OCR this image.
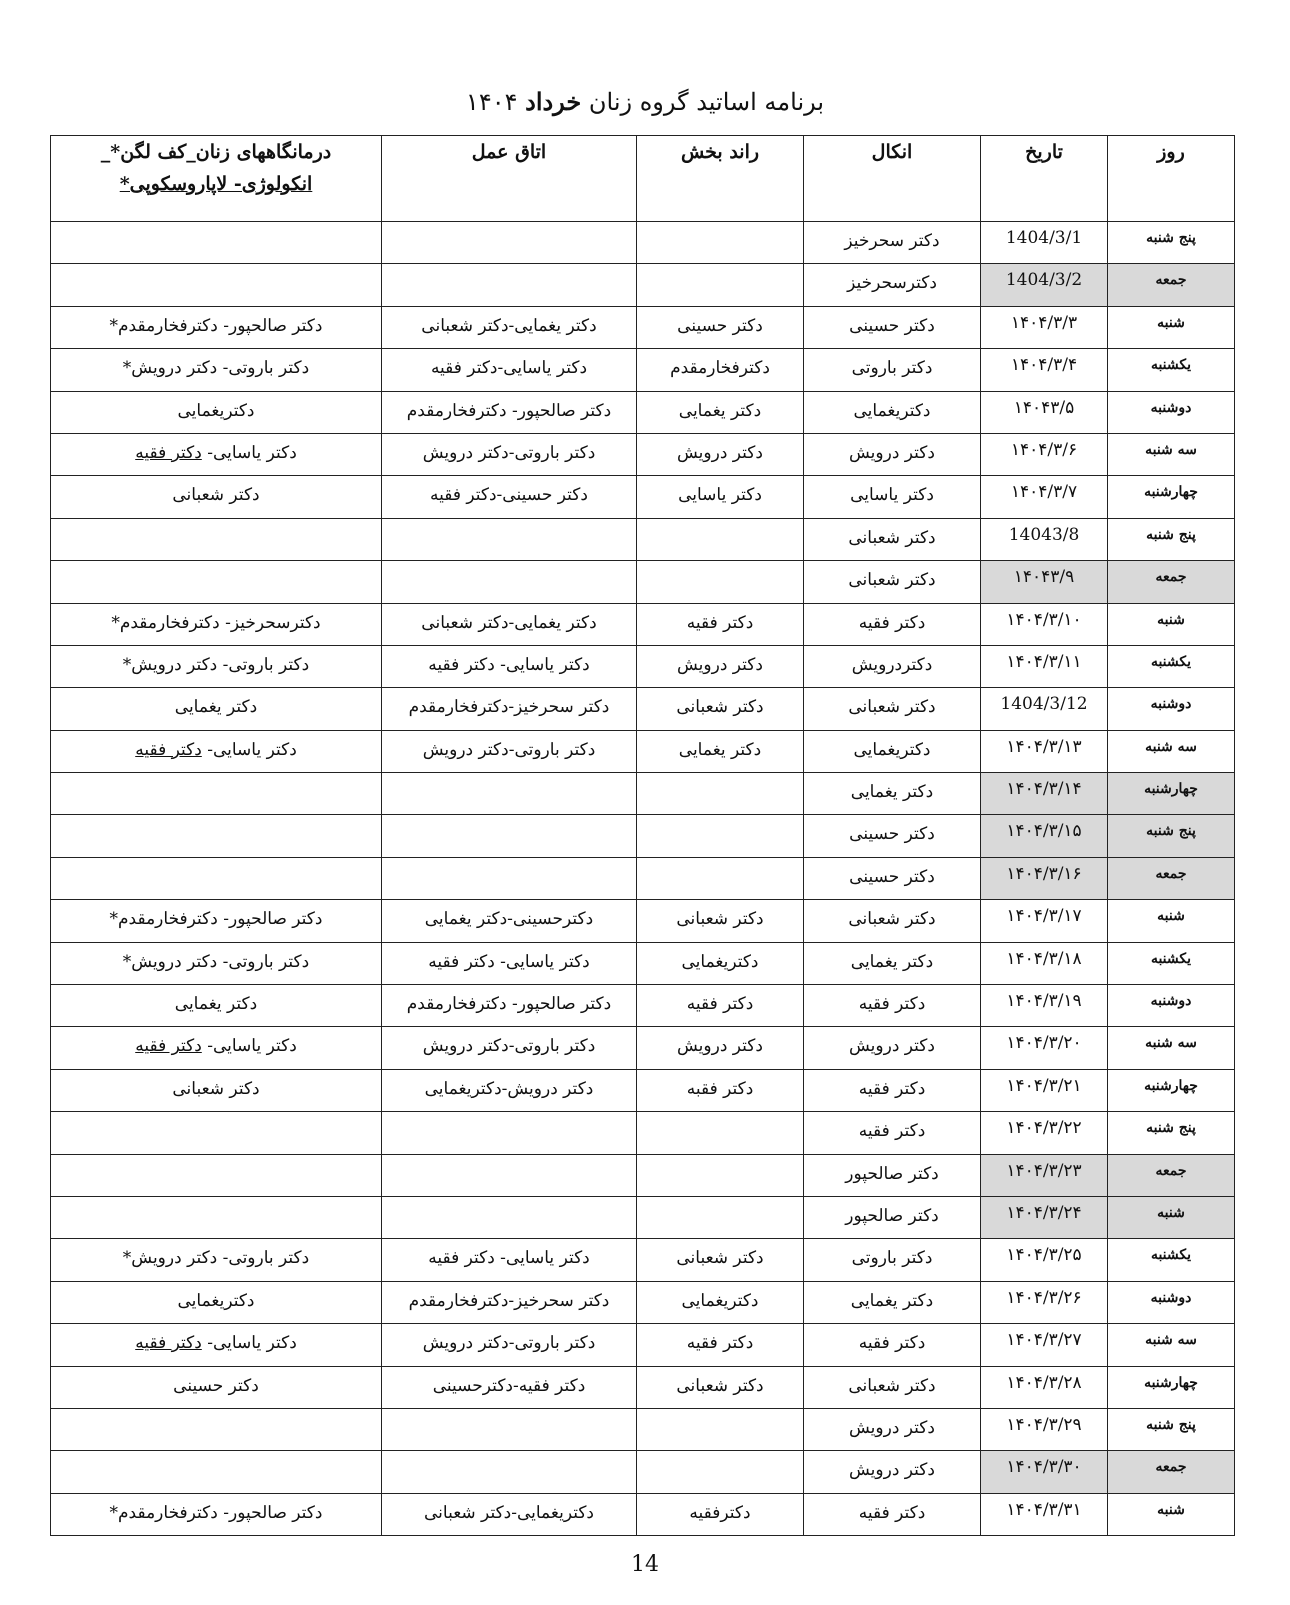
برنامه اساتید گروه زنان خرداد ۱۴۰۴
روز	تاریخ	انکال	راند بخش	اتاق عمل	درمانگاههای زنان_کف لگن*_
انکولوژی- لاپاروسکوپی*

پنج شنبه	1404/3/1	دکتر سحرخیز			
جمعه	1404/3/2	دکترسحرخیز			
شنبه	۱۴۰۴/۳/۳	دکتر حسینی	دکتر حسینی	دکتر یغمایی-دکتر شعبانی	دکتر صالحپور- دکترفخارمقدم*
یکشنبه	۱۴۰۴/۳/۴	دکتر باروتی	دکترفخارمقدم	دکتر یاسایی-دکتر فقیه	دکتر باروتی- دکتر درویش*
دوشنبه	۱۴۰۴۳/۵	دکتریغمایی	دکتر یغمایی	دکتر صالحپور- دکترفخارمقدم	دکتریغمایی
سه شنبه	۱۴۰۴/۳/۶	دکتر درویش	دکتر درویش	دکتر باروتی-دکتر درویش	دکتر یاسایی- دکتر فقیه
چهارشنبه	۱۴۰۴/۳/۷	دکتر یاسایی	دکتر یاسایی	دکتر حسینی-دکتر فقیه	دکتر شعبانی
پنج شنبه	14043/8	دکتر شعبانی			
جمعه	۱۴۰۴۳/۹	دکتر شعبانی			
شنبه	۱۴۰۴/۳/۱۰	دکتر فقیه	دکتر فقیه	دکتر یغمایی-دکتر شعبانی	دکترسحرخیز- دکترفخارمقدم*
یکشنبه	۱۴۰۴/۳/۱۱	دکتردرویش	دکتر درویش	دکتر یاسایی- دکتر فقیه	دکتر باروتی- دکتر درویش*
دوشنبه	1404/3/12	دکتر شعبانی	دکتر شعبانی	دکتر سحرخیز-دکترفخارمقدم	دکتر یغمایی
سه شنبه	۱۴۰۴/۳/۱۳	دکتریغمایی	دکتر یغمایی	دکتر باروتی-دکتر درویش	دکتر یاسایی- دکتر فقیه
چهارشنبه	۱۴۰۴/۳/۱۴	دکتر یغمایی			
پنج شنبه	۱۴۰۴/۳/۱۵	دکتر حسینی			
جمعه	۱۴۰۴/۳/۱۶	دکتر حسینی			
شنبه	۱۴۰۴/۳/۱۷	دکتر شعبانی	دکتر شعبانی	دکترحسینی-دکتر یغمایی	دکتر صالحپور- دکترفخارمقدم*
یکشنبه	۱۴۰۴/۳/۱۸	دکتر یغمایی	دکتریغمایی	دکتر یاسایی- دکتر فقیه	دکتر باروتی- دکتر درویش*
دوشنبه	۱۴۰۴/۳/۱۹	دکتر فقیه	دکتر فقیه	دکتر صالحپور- دکترفخارمقدم	دکتر یغمایی
سه شنبه	۱۴۰۴/۳/۲۰	دکتر درویش	دکتر درویش	دکتر باروتی-دکتر درویش	دکتر یاسایی- دکتر فقیه
چهارشنبه	۱۴۰۴/۳/۲۱	دکتر فقیه	دکتر فقبه	دکتر درویش-دکتریغمایی	دکتر شعبانی
پنج شنبه	۱۴۰۴/۳/۲۲	دکتر فقیه			
جمعه	۱۴۰۴/۳/۲۳	دکتر صالحپور			
شنبه	۱۴۰۴/۳/۲۴	دکتر صالحپور			
یکشنبه	۱۴۰۴/۳/۲۵	دکتر باروتی	دکتر شعبانی	دکتر یاسایی- دکتر فقیه	دکتر باروتی- دکتر درویش*
دوشنبه	۱۴۰۴/۳/۲۶	دکتر یغمایی	دکتریغمایی	دکتر سحرخیز-دکترفخارمقدم	دکتریغمایی
سه شنبه	۱۴۰۴/۳/۲۷	دکتر فقیه	دکتر فقیه	دکتر باروتی-دکتر درویش	دکتر یاسایی- دکتر فقیه
چهارشنبه	۱۴۰۴/۳/۲۸	دکتر شعبانی	دکتر شعبانی	دکتر فقیه-دکترحسینی	دکتر حسینی
پنج شنبه	۱۴۰۴/۳/۲۹	دکتر درویش			
جمعه	۱۴۰۴/۳/۳۰	دکتر درویش			
شنبه	۱۴۰۴/۳/۳۱	دکتر فقیه	دکترفقیه	دکتریغمایی-دکتر شعبانی	دکتر صالحپور- دکترفخارمقدم*
14
